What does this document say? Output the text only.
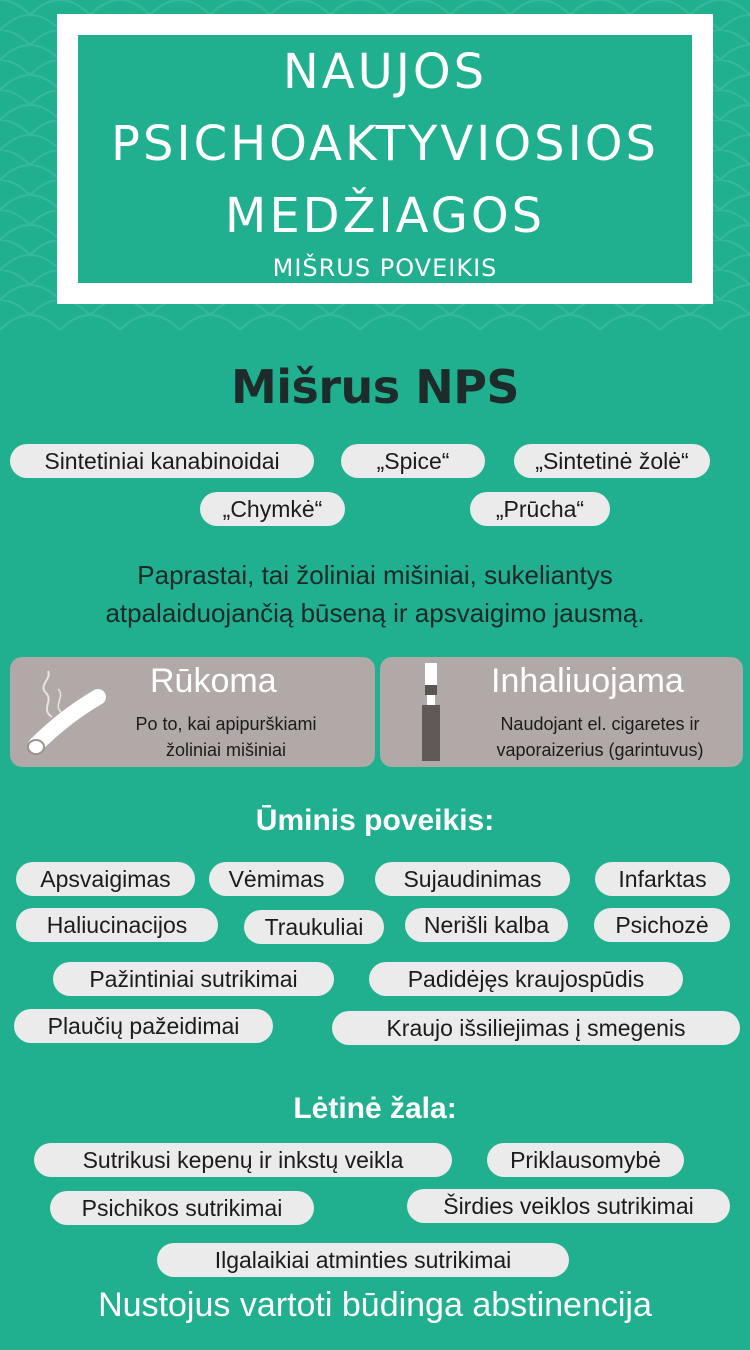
NAUJOS
PSICHOAKTYVIOSIOS
MEDŽIAGOS
MIŠRUS POVEIKIS
Mišrus NPS
Sintetiniai kanabinoidai	„Spice“	„Sintetinė žolė“
„Chymkė“	„Prūcha“
Paprastai, tai žoliniai mišiniai, sukeliantys
atpalaiduojančią būseną ir apsvaigimo jausmą.
Rūkoma
Po to, kai apipurškiami
žoliniai mišiniai
Inhaliuojama
Naudojant el. cigaretes ir
vaporaizerius (garintuvus)
Ūminis poveikis:
Apsvaigimas	Vėmimas	Sujaudinimas	Infarktas
Haliucinacijos	Traukuliai	Nerišli kalba	Psichozė
Pažintiniai sutrikimai	Padidėjęs kraujospūdis
Plaučių pažeidimai	Kraujo išsiliejimas į smegenis
Lėtinė žala:
Sutrikusi kepenų ir inkstų veikla	Priklausomybė
Psichikos sutrikimai	Širdies veiklos sutrikimai
Ilgalaikiai atminties sutrikimai
Nustojus vartoti būdinga abstinencija
